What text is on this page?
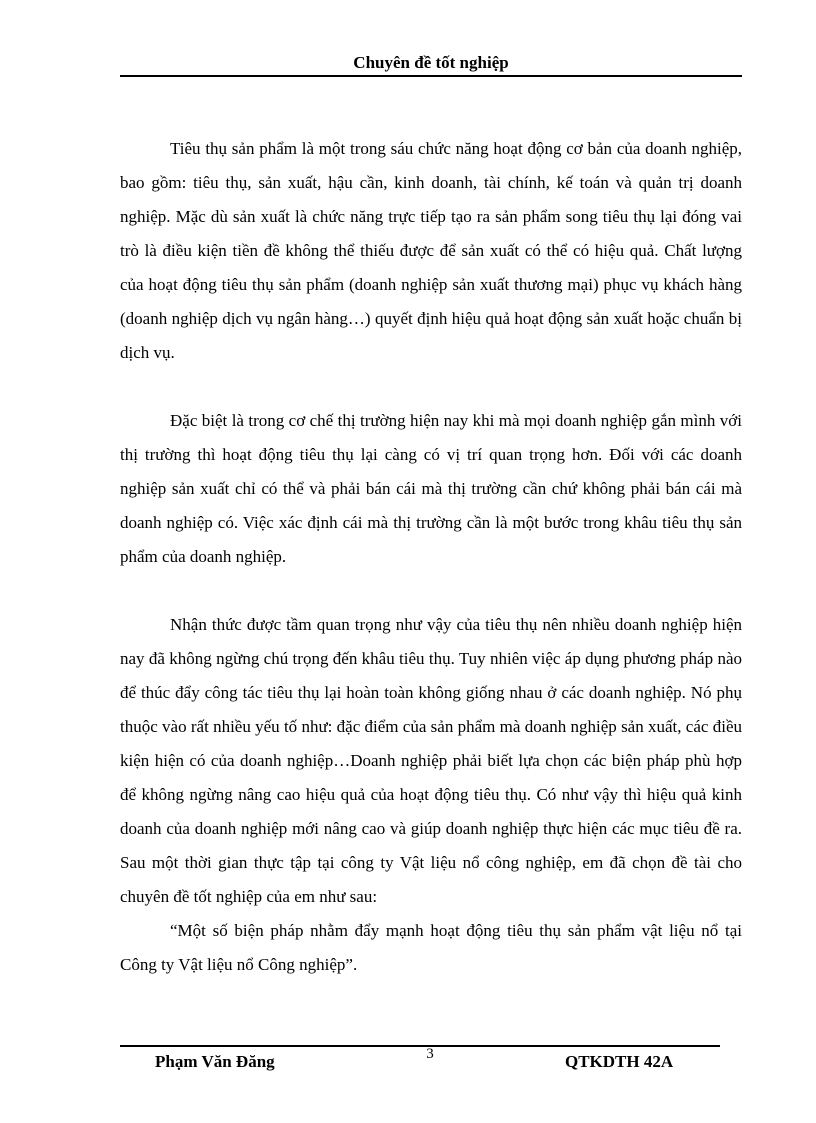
Chuyên đề tốt nghiệp

Tiêu thụ sản phẩm là một trong sáu chức năng hoạt động cơ bản của doanh nghiệp, bao gồm: tiêu thụ, sản xuất, hậu cần, kinh doanh, tài chính, kế toán và quản trị doanh nghiệp. Mặc dù sản xuất là chức năng trực tiếp tạo ra sản phẩm song tiêu thụ lại đóng vai trò là điều kiện tiền đề không thể thiếu được để sản xuất có thể có hiệu quả. Chất lượng của hoạt động tiêu thụ sản phẩm (doanh nghiệp sản xuất thương mại) phục vụ khách hàng (doanh nghiệp dịch vụ ngân hàng…) quyết định hiệu quả hoạt động sản xuất hoặc chuẩn bị dịch vụ.

Đặc biệt là trong cơ chế thị trường hiện nay khi mà mọi doanh nghiệp gắn mình với thị trường thì hoạt động tiêu thụ lại càng có vị trí quan trọng hơn. Đối với các doanh nghiệp sản xuất chỉ có thể và phải bán cái mà thị trường cần chứ không phải bán cái mà doanh nghiệp có. Việc xác định cái mà thị trường cần là một bước trong khâu tiêu thụ sản phẩm của doanh nghiệp.

Nhận thức được tầm quan trọng như vậy của tiêu thụ nên nhiều doanh nghiệp hiện nay đã không ngừng chú trọng đến khâu tiêu thụ. Tuy nhiên việc áp dụng phương pháp nào để thúc đẩy công tác tiêu thụ lại hoàn toàn không giống nhau ở các doanh nghiệp. Nó phụ thuộc vào rất nhiều yếu tố như: đặc điểm của sản phẩm mà doanh nghiệp sản xuất, các điều kiện hiện có của doanh nghiệp…Doanh nghiệp phải biết lựa chọn các biện pháp phù hợp để không ngừng nâng cao hiệu quả của hoạt động tiêu thụ. Có như vậy thì hiệu quả kinh doanh của doanh nghiệp mới nâng cao và giúp doanh nghiệp thực hiện các mục tiêu đề ra. Sau một thời gian thực tập tại công ty Vật liệu nổ công nghiệp, em đã chọn đề tài cho chuyên đề tốt nghiệp của em như sau:

“Một số biện pháp nhằm đẩy mạnh hoạt động tiêu thụ sản phẩm vật liệu nổ tại Công ty Vật liệu nổ Công nghiệp”.

Phạm Văn Đăng	3	QTKDTH 42A
